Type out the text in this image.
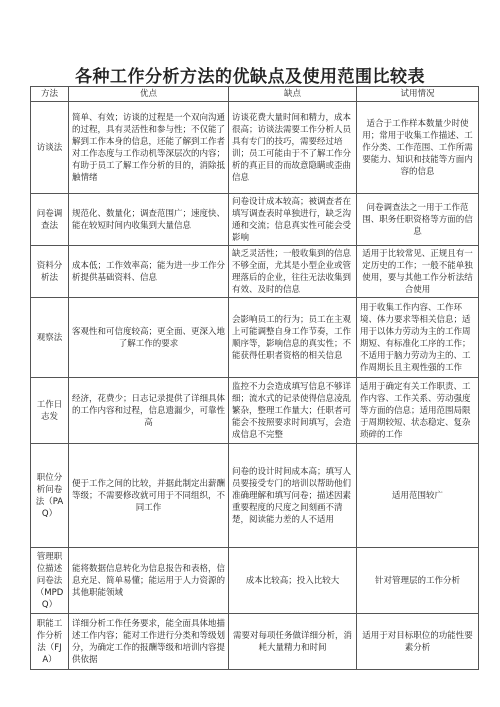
各种工作分析方法的优缺点及使用范围比较表
方法	优点	缺点	试用情况
访谈法	简单、有效；访谈的过程是一个双向沟通的过程，具有灵活性和参与性；不仅能了解到工作本身的信息，还能了解到工作者对工作态度与工作动机等深层次的内容；有助于员工了解工作分析的目的，消除抵触情绪	访谈花费大量时间和精力，成本很高；访谈法需要工作分析人员具有专门的技巧，需要经过培训；员工可能由于不了解工作分析的真正目的而故意隐瞒或歪曲信息	适合于工作样本数量少时使用；常用于收集工作描述、工作分类、工作范围、工作所需要能力、知识和技能等方面内容的信息
问卷调查法	规范化、数量化；调查范围广；速度快、能在较短时间内收集到大量信息	问卷设计成本较高；被调查者在填写调查表时单独进行，缺乏沟通和交流；信息真实性可能会受影响	问卷调查法之一用于工作范围、职务任职资格等方面的信息
资料分析法	成本低；工作效率高；能为进一步工作分析提供基础资料、信息	缺乏灵活性；一般收集到的信息不够全面，尤其是小型企业或管理落后的企业，往往无法收集到有效、及时的信息	适用于比较常见、正规且有一定历史的工作；一般不能单独使用，要与其他工作分析法结合使用
观察法	客观性和可信度较高；更全面、更深入地了解工作的要求	会影响员工的行为；员工在主观上可能调整自身工作节奏，工作顺序等，影响信息的真实性；不能获得任职者资格的相关信息	用于收集工作内容、工作环境、体力要求等相关信息；适用于以体力劳动为主的工作周期短、有标准化工序的工作；不适用于脑力劳动为主的、工作周期长且主观性强的工作
工作日志发	经济，花费少；日志记录提供了详细具体的工作内容和过程，信息遗漏少，可靠性高	监控不力会造成填写信息不够详细；流水式的记录使得信息凌乱繁杂，整理工作量大；任职者可能会不按照要求时间填写，会造成信息不完整	适用于确定有关工作职责、工作内容、工作关系、劳动强度等方面的信息；适用范围局限于周期较短、状态稳定、复杂琐碎的工作
职位分析问卷法（PAQ）	便于工作之间的比较，并据此制定出薪酬等级；不需要修改就可用于不同组织，不同工作	问卷的设计时间成本高；填写人员要接受专门的培训以帮助他们准确理解和填写问卷；描述因素重要程度的尺度之间刻画不清楚，阅读能力差的人不适用	适用范围较广
管理职位描述问卷法（MPDQ）	能将数据信息转化为信息报告和表格，信息充足、简单易懂；能运用于人力资源的其他职能领域	成本比较高；投入比较大	针对管理层的工作分析
职能工作分析法（FJA）	详细分析工作任务要求，能全面具体地描述工作内容；能对工作进行分类和等级划分，为确定工作的报酬等级和培训内容提供依据	需要对每项任务做详细分析，消耗大量精力和时间	适用于对目标职位的功能性要素分析
